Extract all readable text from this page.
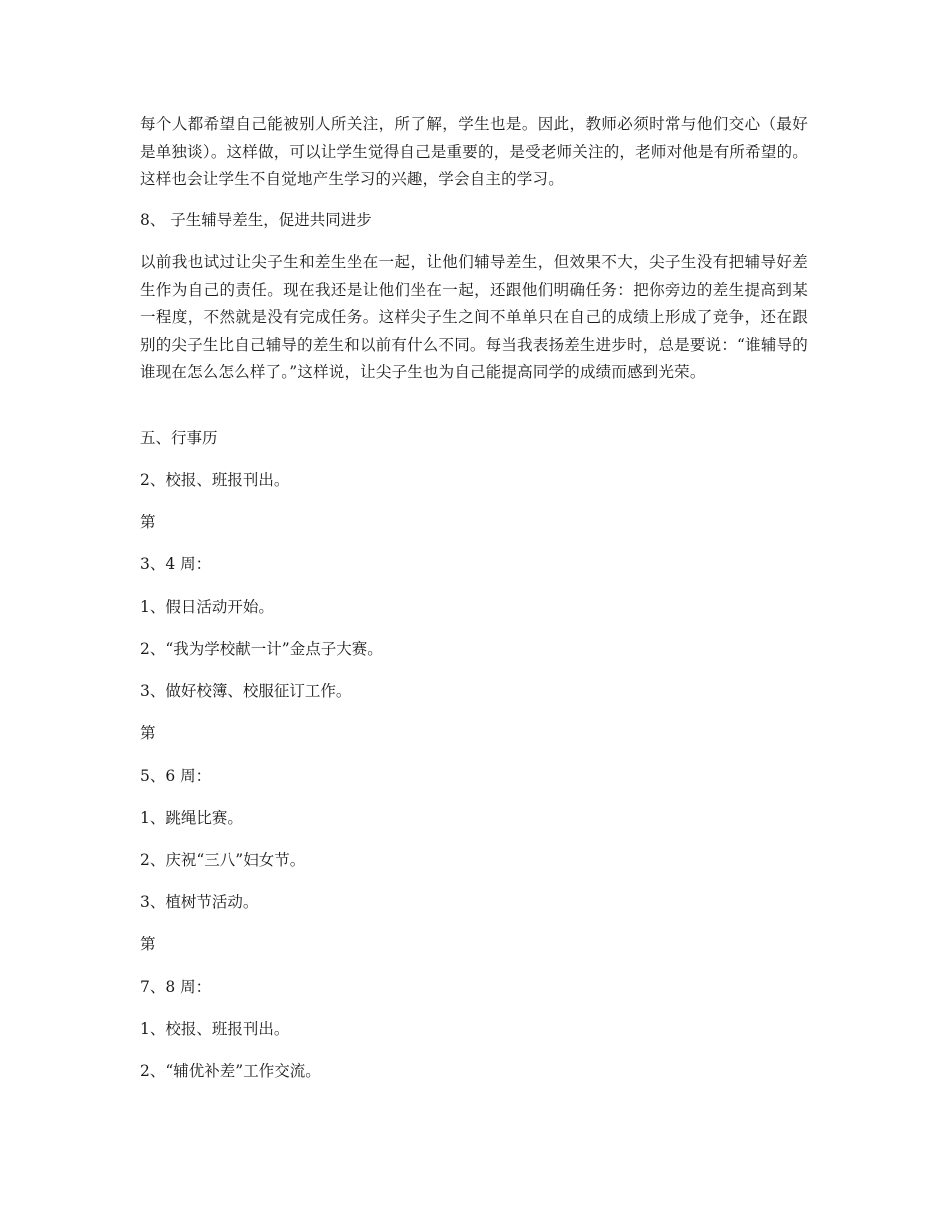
每个人都希望自己能被别人所关注，所了解，学生也是。因此，教师必须时常与他们交心（最好是单独谈）。这样做，可以让学生觉得自己是重要的，是受老师关注的，老师对他是有所希望的。这样也会让学生不自觉地产生学习的兴趣，学会自主的学习。

8、 子生辅导差生，促进共同进步

以前我也试过让尖子生和差生坐在一起，让他们辅导差生，但效果不大，尖子生没有把辅导好差生作为自己的责任。现在我还是让他们坐在一起，还跟他们明确任务：把你旁边的差生提高到某一程度，不然就是没有完成任务。这样尖子生之间不单单只在自己的成绩上形成了竞争，还在跟别的尖子生比自己辅导的差生和以前有什么不同。每当我表扬差生进步时，总是要说：“谁辅导的谁现在怎么怎么样了。”这样说，让尖子生也为自己能提高同学的成绩而感到光荣。

五、行事历

2、校报、班报刊出。

第

3、4 周：

1、假日活动开始。

2、“我为学校献一计”金点子大赛。

3、做好校簿、校服征订工作。

第

5、6 周：

1、跳绳比赛。

2、庆祝“三八”妇女节。

3、植树节活动。

第

7、8 周：

1、校报、班报刊出。

2、“辅优补差”工作交流。
